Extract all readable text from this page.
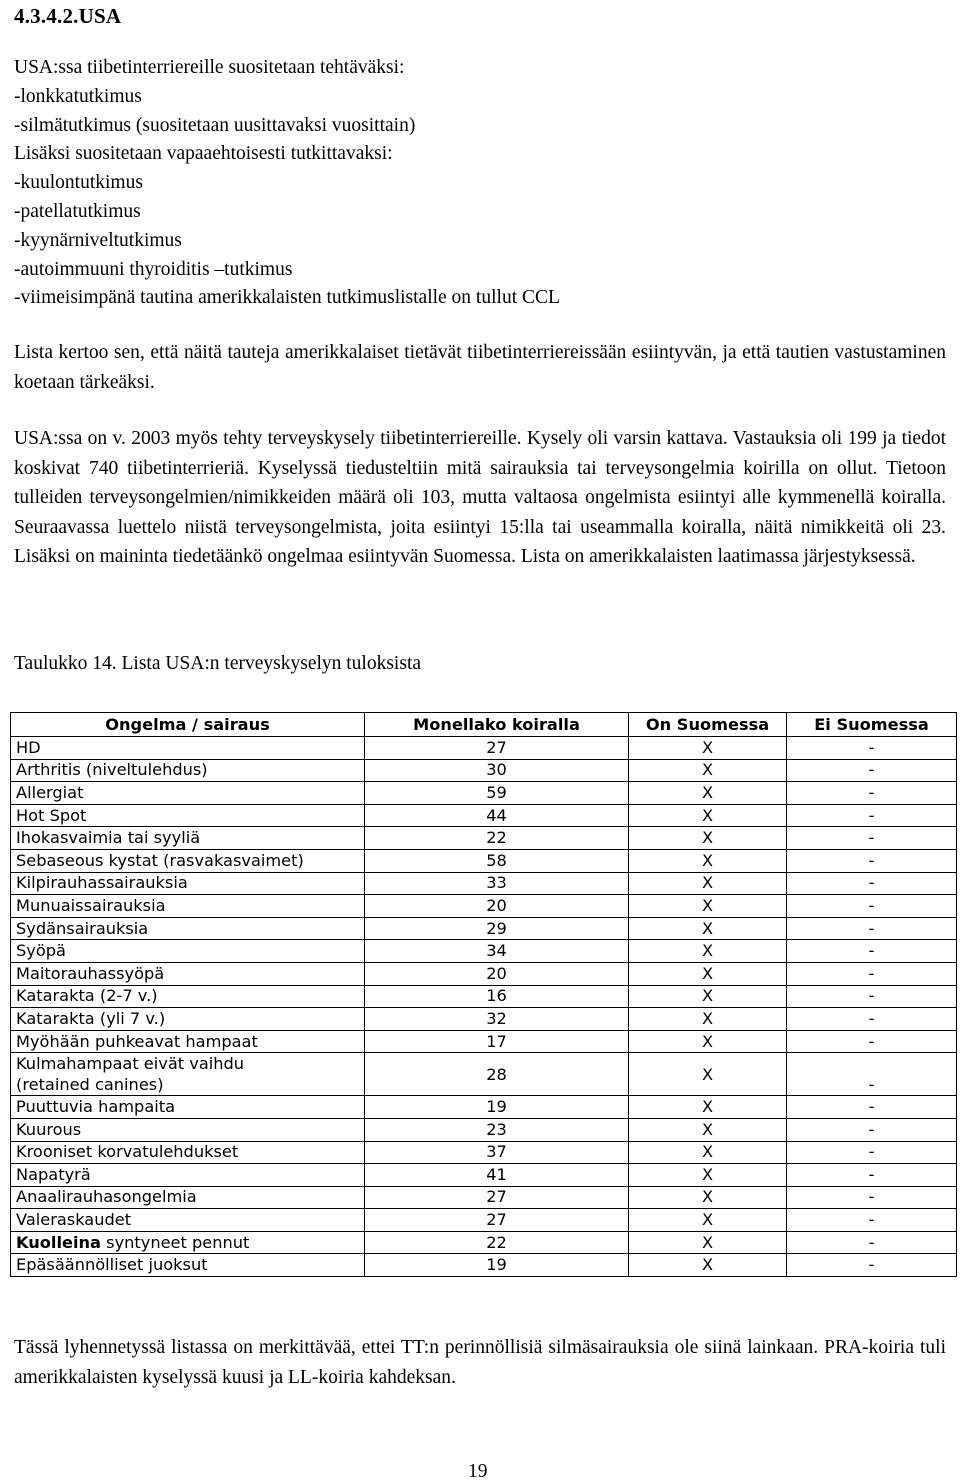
4.3.4.2.USA
USA:ssa tiibetinterriereille suositetaan tehtäväksi:
-lonkkatutkimus
-silmätutkimus (suositetaan uusittavaksi vuosittain)
Lisäksi suositetaan vapaaehtoisesti tutkittavaksi:
-kuulontutkimus
-patellatutkimus
-kyynärniveltutkimus
-autoimmuuni thyroiditis –tutkimus
-viimeisimpänä tautina amerikkalaisten tutkimuslistalle on tullut CCL
Lista kertoo sen, että näitä tauteja amerikkalaiset tietävät tiibetinterriereissään esiintyvän, ja että tautien vastustaminen koetaan tärkeäksi.
USA:ssa on v. 2003 myös tehty terveyskysely tiibetinterriereille. Kysely oli varsin kattava. Vastauksia oli 199 ja tiedot koskivat 740 tiibetinterrieriä. Kyselyssä tiedusteltiin mitä sairauksia tai terveysongelmia koirilla on ollut. Tietoon tulleiden terveysongelmien/nimikkeiden määrä oli 103, mutta valtaosa ongelmista esiintyi alle kymmenellä koiralla. Seuraavassa luettelo niistä terveysongelmista, joita esiintyi 15:lla tai useammalla koiralla, näitä nimikkeitä oli 23. Lisäksi on maininta tiedetäänkö ongelmaa esiintyvän Suomessa. Lista on amerikkalaisten laatimassa järjestyksessä.
Taulukko 14. Lista USA:n terveyskyselyn tuloksista
Ongelma / sairaus	Monellako koiralla	On Suomessa	Ei Suomessa
HD	27	X	-
Arthritis (niveltulehdus)	30	X	-
Allergiat	59	X	-
Hot Spot	44	X	-
Ihokasvaimia tai syyliä	22	X	-
Sebaseous kystat (rasvakasvaimet)	58	X	-
Kilpirauhassairauksia	33	X	-
Munuaissairauksia	20	X	-
Sydänsairauksia	29	X	-
Syöpä	34	X	-
Maitorauhassyöpä	20	X	-
Katarakta (2-7 v.)	16	X	-
Katarakta (yli 7 v.)	32	X	-
Myöhään puhkeavat hampaat	17	X	-

Kulmahampaat eivät vaihdu
(retained canines)	28	X	-
Puuttuvia hampaita	19	X	-
Kuurous	23	X	-
Krooniset korvatulehdukset	37	X	-
Napatyrä	41	X	-
Anaalirauhasongelmia	27	X	-
Valeraskaudet	27	X	-
Kuolleina syntyneet pennut	22	X	-
Epäsäännölliset juoksut	19	X	-
Tässä lyhennetyssä listassa on merkittävää, ettei TT:n perinnöllisiä silmäsairauksia ole siinä lainkaan. PRA-koiria tuli amerikkalaisten kyselyssä kuusi ja LL-koiria kahdeksan.
19
